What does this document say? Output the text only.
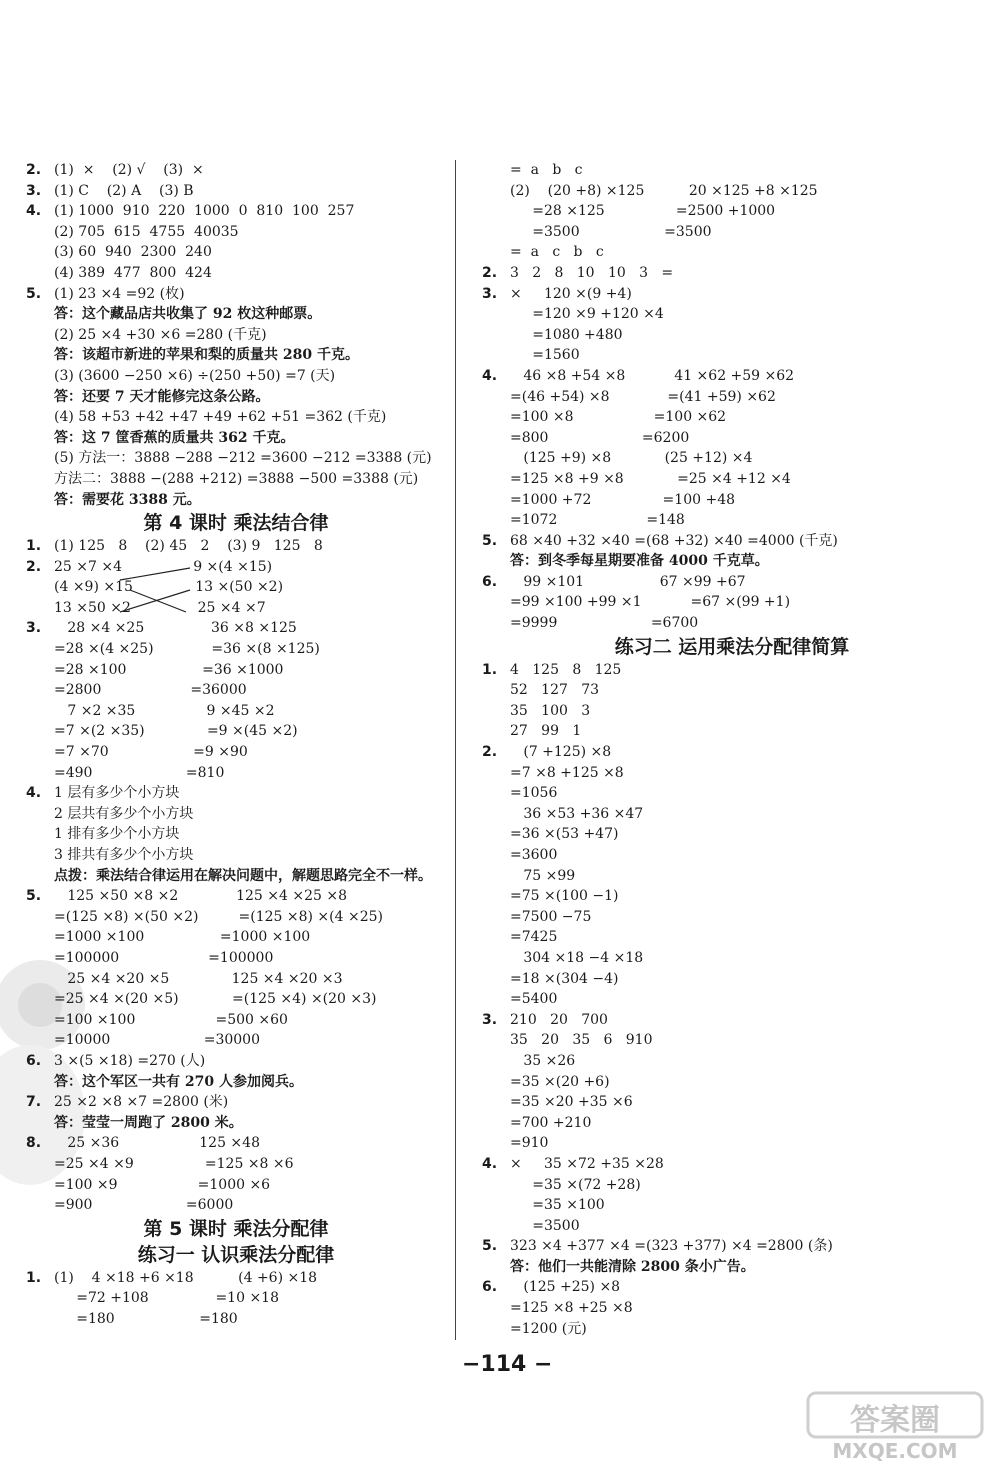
2. (1)  ×    (2) √    (3)  ×
3. (1) C    (2) A    (3) B
4. (1) 1000  910  220  1000  0  810  100  257
(2) 705  615  4755  40035
(3) 60  940  2300  240
(4) 389  477  800  424
5. (1) 23 ×4 =92 (枚)
答：这个藏品店共收集了 92 枚这种邮票。
(2) 25 ×4 +30 ×6 =280 (千克)
答：该超市新进的苹果和梨的质量共 280 千克。
(3) (3600 −250 ×6) ÷(250 +50) =7 (天)
答：还要 7 天才能修完这条公路。
(4) 58 +53 +42 +47 +49 +62 +51 =362 (千克)
答：这 7 筐香蕉的质量共 362 千克。
(5) 方法一：3888 −288 −212 =3600 −212 =3388 (元)
方法二：3888 −(288 +212) =3888 −500 =3388 (元)
答：需要花 3388 元。
第 4 课时 乘法结合律
1. (1) 125   8    (2) 45   2    (3) 9   125   8
2. 25 ×7 ×4                9 ×(4 ×15)
(4 ×9) ×15              13 ×(50 ×2)
13 ×50 ×2               25 ×4 ×7
3. 28 ×4 ×25               36 ×8 ×125
=28 ×(4 ×25)             =36 ×(8 ×125)
=28 ×100                 =36 ×1000
=2800                    =36000
7 ×2 ×35                9 ×45 ×2
=7 ×(2 ×35)              =9 ×(45 ×2)
=7 ×70                   =9 ×90
=490                     =810
4. 1 层有多少个小方块
2 层共有多少个小方块
1 排有多少个小方块
3 排共有多少个小方块
点拨：乘法结合律运用在解决问题中，解题思路完全不一样。
5. 125 ×50 ×8 ×2             125 ×4 ×25 ×8
=(125 ×8) ×(50 ×2)         =(125 ×8) ×(4 ×25)
=1000 ×100                 =1000 ×100
=100000                    =100000
25 ×4 ×20 ×5              125 ×4 ×20 ×3
=25 ×4 ×(20 ×5)            =(125 ×4) ×(20 ×3)
=100 ×100                  =500 ×60
=10000                     =30000
6. 3 ×(5 ×18) =270 (人)
答：这个军区一共有 270 人参加阅兵。
7. 25 ×2 ×8 ×7 =2800 (米)
答：莹莹一周跑了 2800 米。
8. 25 ×36                  125 ×48
=25 ×4 ×9                =125 ×8 ×6
=100 ×9                  =1000 ×6
=900                     =6000
第 5 课时 乘法分配律
练习一 认识乘法分配律
1. (1)    4 ×18 +6 ×18          (4 +6) ×18
=72 +108               =10 ×18
=180                   =180
=  a   b   c
(2)    (20 +8) ×125          20 ×125 +8 ×125
=28 ×125                =2500 +1000
=3500                   =3500
=  a   c   b   c
2. 3   2   8   10   10   3   =
3. ×     120 ×(9 +4)
=120 ×9 +120 ×4
=1080 +480
=1560
4. 46 ×8 +54 ×8           41 ×62 +59 ×62
=(46 +54) ×8             =(41 +59) ×62
=100 ×8                  =100 ×62
=800                     =6200
(125 +9) ×8            (25 +12) ×4
=125 ×8 +9 ×8            =25 ×4 +12 ×4
=1000 +72                =100 +48
=1072                    =148
5. 68 ×40 +32 ×40 =(68 +32) ×40 =4000 (千克)
答：到冬季每星期要准备 4000 千克草。
6. 99 ×101                 67 ×99 +67
=99 ×100 +99 ×1           =67 ×(99 +1)
=9999                     =6700
练习二 运用乘法分配律简算
1. 4   125   8   125
52   127   73
35   100   3
27   99   1
2. (7 +125) ×8
=7 ×8 +125 ×8
=1056
36 ×53 +36 ×47
=36 ×(53 +47)
=3600
75 ×99
=75 ×(100 −1)
=7500 −75
=7425
304 ×18 −4 ×18
=18 ×(304 −4)
=5400
3. 210   20   700
35   20   35   6   910
35 ×26
=35 ×(20 +6)
=35 ×20 +35 ×6
=700 +210
=910
4. ×     35 ×72 +35 ×28
=35 ×(72 +28)
=35 ×100
=3500
5. 323 ×4 +377 ×4 =(323 +377) ×4 =2800 (条)
答：他们一共能清除 2800 条小广告。
6. (125 +25) ×8
=125 ×8 +25 ×8
=1200 (元)
−114 −
答案圈
MXQE.COM
